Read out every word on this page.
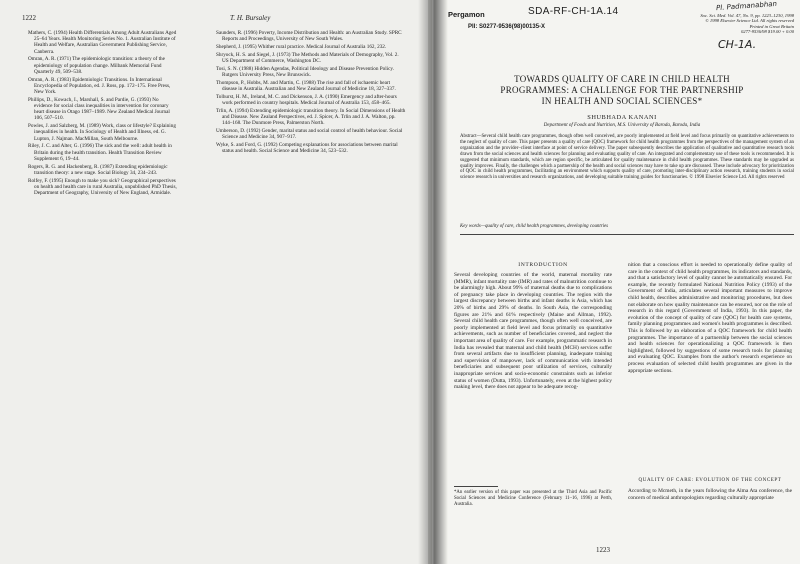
1222	T. H. Bursaley

Mathers, C. (1994) Health Differentials Among Adult Australians Aged 25–64 Years. Health Monitoring Series No. 1. Australian Institute of Health and Welfare, Australian Government Publishing Service, Canberra.

Omran, A. R. (1971) The epidemiologic transition: a theory of the epidemiology of population change. Milbank Memorial Fund Quarterly 49, 509–538.

Omran, A. R. (1983) Epidemiologic Transitions. In International Encyclopedia of Population, ed. J. Ross, pp. 172–175. Free Press, New York.

Phillips, D., Kowach, I., Marshall, S. and Pardie, G. (1993) No evidence for social class inequalities in intervention for coronary heart disease in Otago 1987–1989. New Zealand Medical Journal 106, 507–510.

Powles, J. and Salzberg, M. (1989) Work, class or lifestyle? Explaining inequalities in health. In Sociology of Health and Illness, ed. G. Lupton, J. Najman. MacMillan, South Melbourne.

Riley, J. C. and Alter, G. (1996) The sick and the well: adult health in Britain during the health transition. Health Transition Review Supplement 6, 19–44.

Rogers, R. G. and Hackenberg, R. (1987) Extending epidemiologic transition theory: a new stage. Social Biology 34, 234–243.

Rolfey, F. (1995) Enough to make you sick? Geographical perspectives on health and health care in rural Australia, unpublished PhD Thesis, Department of Geography, University of New England, Armidale.

Saunders, R. (1996) Poverty, Income Distribution and Health: an Australian Study. SPRC Reports and Proceedings, University of New South Wales.

Shepherd, J. (1995) Whither rural practice. Medical Journal of Australia 162, 232.

Shryock, H. S. and Siegel, J. (1973) The Methods and Materials of Demography, Vol. 2. US Department of Commerce, Washington DC.

Tosi, S. N. (1988) Hidden Agendas, Political Ideology and Disease Prevention Policy. Rutgers University Press, New Brunswick.

Thompson, P., Hobbs, M. and Martin, C. (1988) The rise and fall of ischaemic heart disease in Australia. Australian and New Zealand Journal of Medicine 18, 327–337.

Tolhurst, H. M., Ireland, M. C. and Dickenson, J. A. (1990) Emergency and after-hours work performed in country hospitals. Medical Journal of Australia 153, 458–465.

Trlin, A. (1994) Extending epidemiologic transition theory. In Social Dimensions of Health and Disease. New Zealand Perspectives, ed. J. Spicer, A. Trlin and J. A. Walton, pp. 144–168. The Dunmore Press, Palmerston North.

Umberson, D. (1992) Gender, marital status and social control of health behaviour. Social Science and Medicine 34, 907–917.

Wyke, S. and Ford, G. (1992) Competing explanations for associations between marital status and health. Social Science and Medicine 34, 523–532.

Pergamon	SDA-RF-CH-1A.14	Pl. Padmanabhan
PII: S0277-9536(98)00135-X
Soc. Sci. Med. Vol. 47, No. 9, pp. 1223–1230, 1998
© 1998 Elsevier Science Ltd. All rights reserved
Printed in Great Britain
0277-9536/98 $19.00 + 0.00
CH-1A.
TOWARDS QUALITY OF CARE IN CHILD HEALTH
PROGRAMMES: A CHALLENGE FOR THE PARTNERSHIP
IN HEALTH AND SOCIAL SCIENCES*
SHUBHADA KANANI
Department of Foods and Nutrition, M.S. University of Baroda, Baroda, India
Abstract—Several child health care programmes, though often well conceived, are poorly implemented at field level and focus primarily on quantitative achievements to the neglect of quality of care. This paper presents a quality of care (QOC) framework for child health programmes from the perspectives of the management system of an organization and the provider–client interface at point of service delivery. The paper subsequently describes the application of qualitative and quantitative research tools drawn from the social sciences and health sciences for planning and evaluating quality of care. An integrated and complementary use of these tools is recommended. It is suggested that minimum standards, which are region specific, be articulated for quality maintenance in child health programmes. These standards may be upgraded as quality improves. Finally, the challenges which a partnership of the health and social sciences may have to take up are discussed. These include advocacy for prioritization of QOC in child health programmes, facilitating an environment which supports quality of care, promoting inter-disciplinary action research, training students in social science research in universities and research organizations, and developing suitable training guides for functionaries. © 1998 Elsevier Science Ltd. All rights reserved
Key words—quality of care, child health programmes, developing countries
INTRODUCTION
Several developing countries of the world, maternal mortality rate (MMR), infant mortality rate (IMR) and rates of malnutrition continue to be alarmingly high. About 99% of maternal deaths due to complications of pregnancy take place in developing countries. The region with the largest discrepancy between births and infant deaths is Asia, which has 20% of births and 29% of deaths. In South Asia, the corresponding figures are 21% and 61% respectively (Maine and Allman, 1992). Several child health care programmes, though often well conceived, are poorly implemented at field level and focus primarily on quantitative achievements, such as number of beneficiaries covered, and neglect the important area of quality of care. For example, programmatic research in India has revealed that maternal and child health (MCH) services suffer from several artifacts due to insufficient planning, inadequate training and supervision of manpower, lack of communication with intended beneficiaries and subsequent poor utilization of services, culturally inappropriate services and socio-economic constraints such as inferior status of women (Dutta, 1993). Unfortunately, even at the highest policy making level, there does not appear to be adequate recog-
*An earlier version of this paper was presented at the Third Asia and Pacific Social Sciences and Medicine Conference (February 11–16, 1996) at Perth, Australia.
nition that a conscious effort is needed to operationally define quality of care in the context of child health programmes, its indicators and standards, and that a satisfactory level of quality cannot be automatically ensured. For example, the recently formulated National Nutrition Policy (1993) of the Government of India, articulates several important measures to improve child health, describes administrative and monitoring procedures, but does not elaborate on how quality maintenance can be ensured, nor on the role of research in this regard (Government of India, 1993). In this paper, the evolution of the concept of quality of care (QOC) for health care systems, family planning programmes and women's health programmes is described. This is followed by an elaboration of a QOC framework for child health programmes. The importance of a partnership between the social sciences and health sciences for operationalizing a QOC framework is then highlighted, followed by suggestions of some research tools for planning and evaluating QOC. Examples from the author's research experience on process evaluation of selected child health programmes are given in the appropriate sections.
QUALITY OF CARE: EVOLUTION OF THE CONCEPT
According to Mcmeth, in the years following the Alma Ata conference, the concern of medical anthropologists regarding culturally appropriate
1223
